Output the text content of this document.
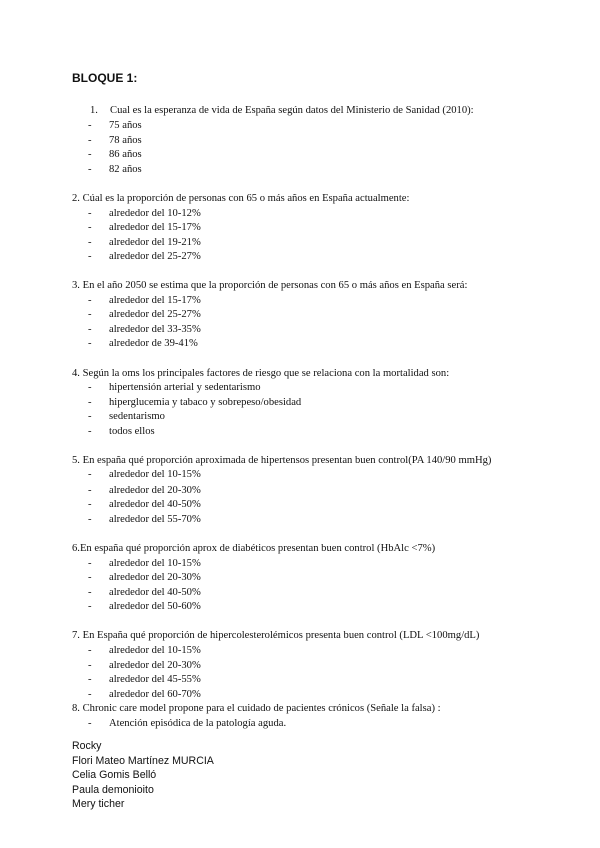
BLOQUE 1:
1. Cual es la esperanza de vida de España según datos del Ministerio de Sanidad (2010):
- 75 años
- 78 años
- 86 años
- 82 años
2. Cúal es la proporción de personas con 65 o más años en España actualmente:
- alrededor del 10-12%
- alrededor del 15-17%
- alrededor del 19-21%
- alrededor del 25-27%
3. En el año 2050 se estima que la proporción de personas con 65 o más años en España será:
- alrededor del 15-17%
- alrededor del 25-27%
- alrededor del 33-35%
- alrededor de 39-41%
4. Según la oms los principales factores de riesgo que se relaciona con la mortalidad son:
- hipertensión arterial y sedentarismo
- hiperglucemia y tabaco y sobrepeso/obesidad
- sedentarismo
- todos ellos
5. En españa qué proporción aproximada de hipertensos presentan buen control(PA 140/90 mmHg)
- alrededor del 10-15%
- alrededor del 20-30%
- alrededor del 40-50%
- alrededor del 55-70%
6.En españa qué proporción aprox de diabéticos presentan buen control (HbAlc <7%)
- alrededor del 10-15%
- alrededor del 20-30%
- alrededor del 40-50%
- alrededor del 50-60%
7. En España qué proporción de hipercolesterolémicos presenta buen control (LDL <100mg/dL)
- alrededor del 10-15%
- alrededor del 20-30%
- alrededor del 45-55%
- alrededor del 60-70%
8. Chronic care model propone para el cuidado de pacientes crónicos (Señale la falsa) :
- Atención episódica de la patología aguda.
Rocky
Flori Mateo Martínez MURCIA
Celia Gomis Belló
Paula demonioito
Mery ticher
